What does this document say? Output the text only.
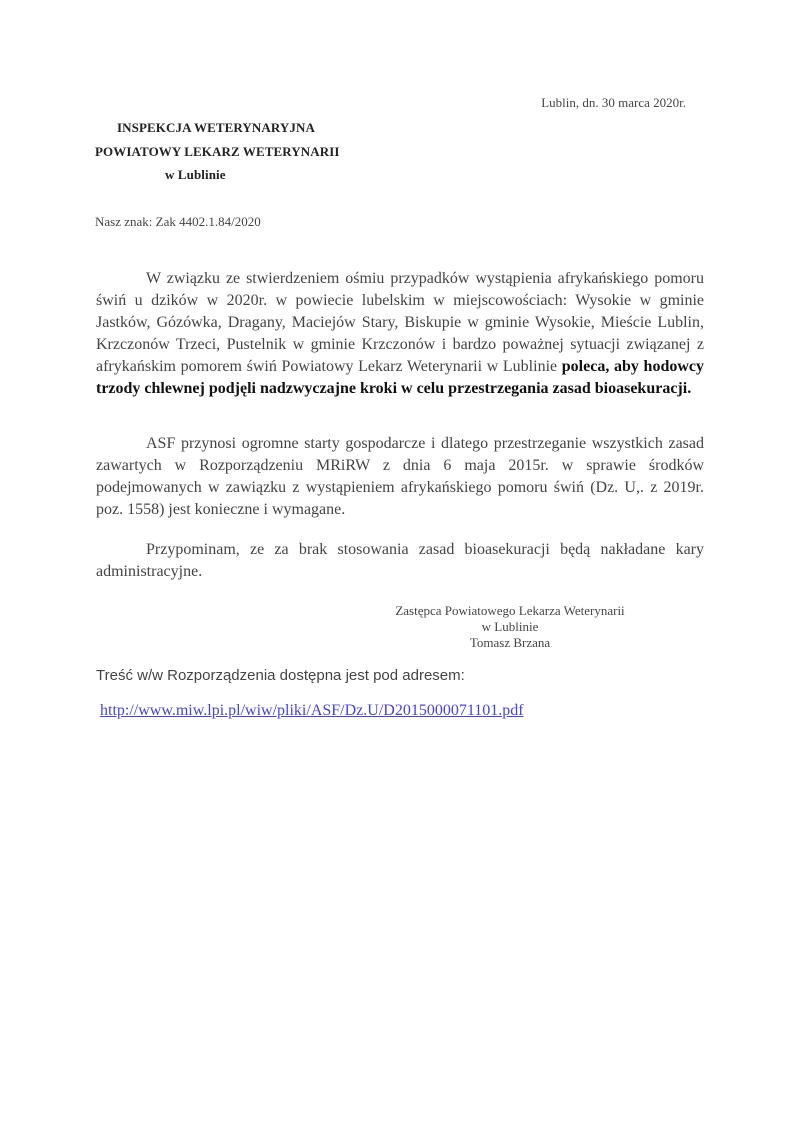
Lublin, dn. 30 marca 2020r.
INSPEKCJA WETERYNARYJNA
POWIATOWY LEKARZ WETERYNARII
w Lublinie
Nasz znak: Zak 4402.1.84/2020

W związku ze stwierdzeniem ośmiu przypadków wystąpienia afrykańskiego pomoru świń u dzików w 2020r. w powiecie lubelskim w miejscowościach: Wysokie w gminie Jastków, Gózówka, Dragany, Maciejów Stary, Biskupie w gminie Wysokie, Mieście Lublin, Krzczonów Trzeci, Pustelnik w gminie Krzczonów i bardzo poważnej sytuacji związanej z afrykańskim pomorem świń Powiatowy Lekarz Weterynarii w Lublinie poleca, aby hodowcy trzody chlewnej podjęli nadzwyczajne kroki w celu przestrzegania zasad bioasekuracji.

ASF przynosi ogromne starty gospodarcze i dlatego przestrzeganie wszystkich zasad zawartych w Rozporządzeniu MRiRW z dnia 6 maja 2015r. w sprawie środków podejmowanych w zawiązku z wystąpieniem afrykańskiego pomoru świń (Dz. U,. z 2019r. poz. 1558) jest konieczne i wymagane.

Przypominam, ze za brak stosowania zasad bioasekuracji będą nakładane kary administracyjne.

Zastępca Powiatowego Lekarza Weterynarii
w Lublinie
Tomasz Brzana
Treść w/w Rozporządzenia dostępna jest pod adresem:
http://www.miw.lpi.pl/wiw/pliki/ASF/Dz.U/D2015000071101.pdf
